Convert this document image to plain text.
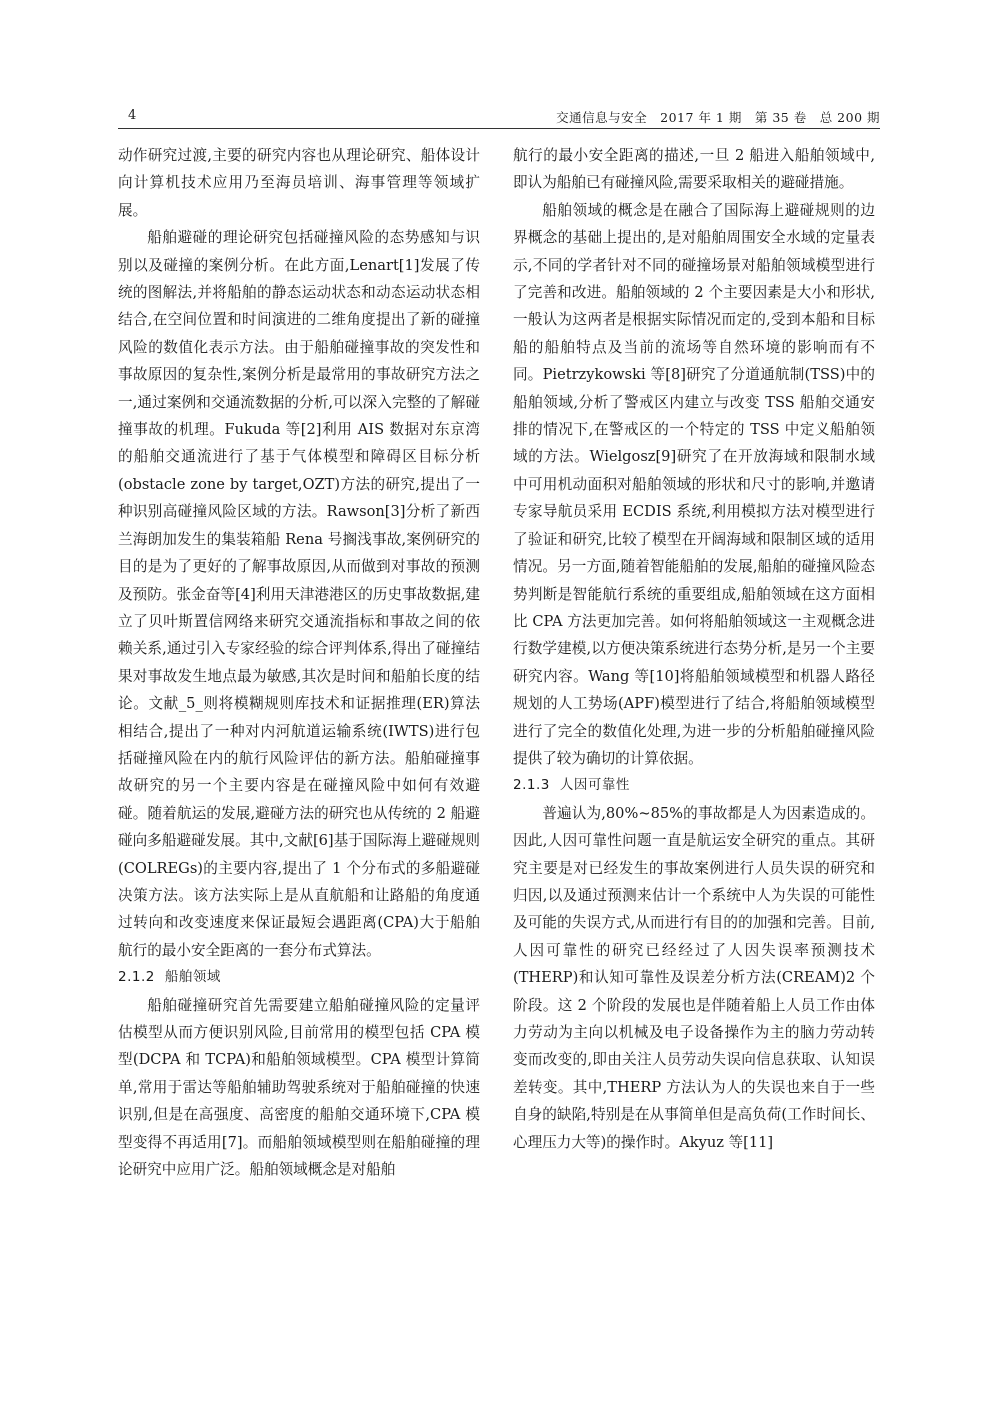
4	交通信息与安全　2017 年 1 期　第 35 卷　总 200 期

动作研究过渡,主要的研究内容也从理论研究、船体设计向计算机技术应用乃至海员培训、海事管理等领域扩展。

船舶避碰的理论研究包括碰撞风险的态势感知与识别以及碰撞的案例分析。在此方面,Lenart[1]发展了传统的图解法,并将船舶的静态运动状态和动态运动状态相结合,在空间位置和时间演进的二维角度提出了新的碰撞风险的数值化表示方法。由于船舶碰撞事故的突发性和事故原因的复杂性,案例分析是最常用的事故研究方法之一,通过案例和交通流数据的分析,可以深入完整的了解碰撞事故的机理。Fukuda 等[2]利用 AIS 数据对东京湾的船舶交通流进行了基于气体模型和障碍区目标分析(obstacle zone by target,OZT)方法的研究,提出了一种识别高碰撞风险区域的方法。Rawson[3]分析了新西兰海朗加发生的集装箱船 Rena 号搁浅事故,案例研究的目的是为了更好的了解事故原因,从而做到对事故的预测及预防。张金奋等[4]利用天津港港区的历史事故数据,建立了贝叶斯置信网络来研究交通流指标和事故之间的依赖关系,通过引入专家经验的综合评判体系,得出了碰撞结果对事故发生地点最为敏感,其次是时间和船舶长度的结论。文献_5_则将模糊规则库技术和证据推理(ER)算法相结合,提出了一种对内河航道运输系统(IWTS)进行包括碰撞风险在内的航行风险评估的新方法。船舶碰撞事故研究的另一个主要内容是在碰撞风险中如何有效避碰。随着航运的发展,避碰方法的研究也从传统的 2 船避碰向多船避碰发展。其中,文献[6]基于国际海上避碰规则(COLREGs)的主要内容,提出了 1 个分布式的多船避碰决策方法。该方法实际上是从直航船和让路船的角度通过转向和改变速度来保证最短会遇距离(CPA)大于船舶航行的最小安全距离的一套分布式算法。

2.1.2 船舶领域

船舶碰撞研究首先需要建立船舶碰撞风险的定量评估模型从而方便识别风险,目前常用的模型包括 CPA 模型(DCPA 和 TCPA)和船舶领域模型。CPA 模型计算简单,常用于雷达等船舶辅助驾驶系统对于船舶碰撞的快速识别,但是在高强度、高密度的船舶交通环境下,CPA 模型变得不再适用[7]。而船舶领域模型则在船舶碰撞的理论研究中应用广泛。船舶领域概念是对船舶

航行的最小安全距离的描述,一旦 2 船进入船舶领域中,即认为船舶已有碰撞风险,需要采取相关的避碰措施。

船舶领域的概念是在融合了国际海上避碰规则的边界概念的基础上提出的,是对船舶周围安全水域的定量表示,不同的学者针对不同的碰撞场景对船舶领域模型进行了完善和改进。船舶领域的 2 个主要因素是大小和形状,一般认为这两者是根据实际情况而定的,受到本船和目标船的船舶特点及当前的流场等自然环境的影响而有不同。Pietrzykowski 等[8]研究了分道通航制(TSS)中的船舶领域,分析了警戒区内建立与改变 TSS 船舶交通安排的情况下,在警戒区的一个特定的 TSS 中定义船舶领域的方法。Wielgosz[9]研究了在开放海域和限制水域中可用机动面积对船舶领域的形状和尺寸的影响,并邀请专家导航员采用 ECDIS 系统,利用模拟方法对模型进行了验证和研究,比较了模型在开阔海域和限制区域的适用情况。另一方面,随着智能船舶的发展,船舶的碰撞风险态势判断是智能航行系统的重要组成,船舶领域在这方面相比 CPA 方法更加完善。如何将船舶领域这一主观概念进行数学建模,以方便决策系统进行态势分析,是另一个主要研究内容。Wang 等[10]将船舶领域模型和机器人路径规划的人工势场(APF)模型进行了结合,将船舶领域模型进行了完全的数值化处理,为进一步的分析船舶碰撞风险提供了较为确切的计算依据。

2.1.3 人因可靠性

普遍认为,80%~85%的事故都是人为因素造成的。因此,人因可靠性问题一直是航运安全研究的重点。其研究主要是对已经发生的事故案例进行人员失误的研究和归因,以及通过预测来估计一个系统中人为失误的可能性及可能的失误方式,从而进行有目的的加强和完善。目前,人因可靠性的研究已经经过了人因失误率预测技术(THERP)和认知可靠性及误差分析方法(CREAM)2 个阶段。这 2 个阶段的发展也是伴随着船上人员工作由体力劳动为主向以机械及电子设备操作为主的脑力劳动转变而改变的,即由关注人员劳动失误向信息获取、认知误差转变。其中,THERP 方法认为人的失误也来自于一些自身的缺陷,特别是在从事简单但是高负荷(工作时间长、心理压力大等)的操作时。Akyuz 等[11]
